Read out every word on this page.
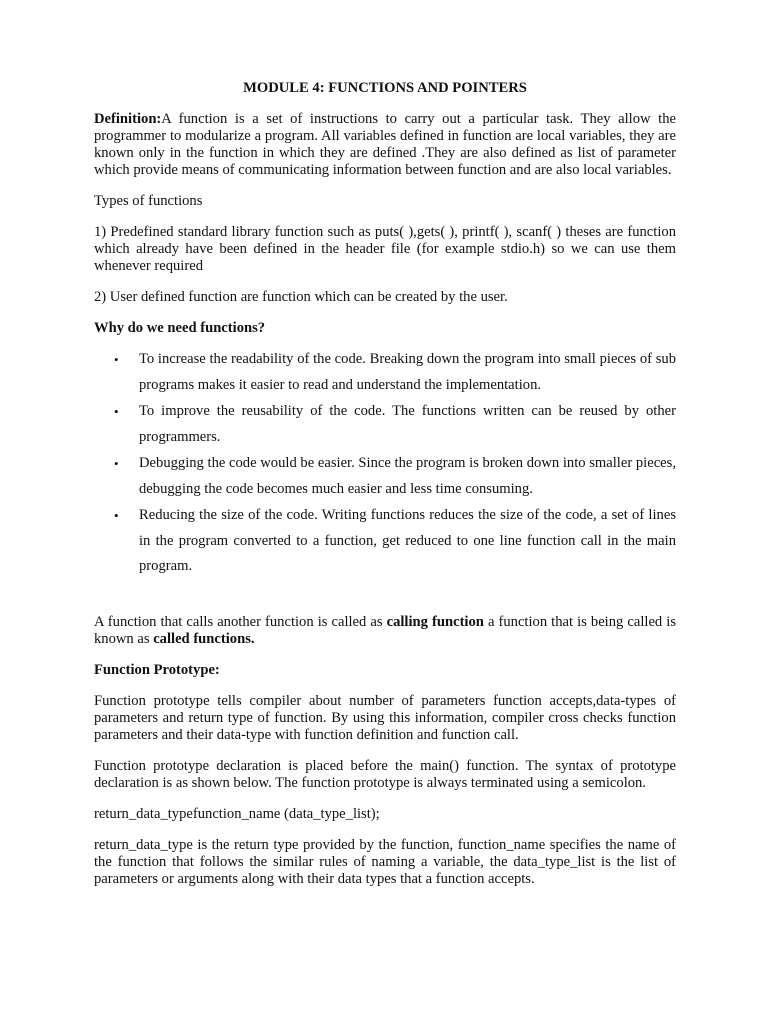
MODULE 4: FUNCTIONS AND POINTERS

Definition:A function is a set of instructions to carry out a particular task. They allow the programmer to modularize a program. All variables defined in function are local variables, they are known only in the function in which they are defined .They are also defined as list of parameter which provide means of communicating information between function and are also local variables.

Types of functions

1) Predefined standard library function such as puts( ),gets( ), printf( ), scanf( ) theses are function which already have been defined in the header file (for example stdio.h) so we can use them whenever required

2) User defined function are function which can be created by the user.

Why do we need functions?
• To increase the readability of the code. Breaking down the program into small pieces of sub programs makes it easier to read and understand the implementation.
• To improve the reusability of the code. The functions written can be reused by other programmers.
• Debugging the code would be easier. Since the program is broken down into smaller pieces, debugging the code becomes much easier and less time consuming.
• Reducing the size of the code. Writing functions reduces the size of the code, a set of lines in the program converted to a function, get reduced to one line function call in the main program.

A function that calls another function is called as calling function a function that is being called is known as called functions.

Function Prototype:

Function prototype tells compiler about number of parameters function accepts,data-types of parameters and return type of function. By using this information, compiler cross checks function parameters and their data-type with function definition and function call.

Function prototype declaration is placed before the main() function. The syntax of prototype declaration is as shown below. The function prototype is always terminated using a semicolon.

return_data_typefunction_name (data_type_list);

return_data_type is the return type provided by the function, function_name specifies the name of the function that follows the similar rules of naming a variable, the data_type_list is the list of parameters or arguments along with their data types that a function accepts.
